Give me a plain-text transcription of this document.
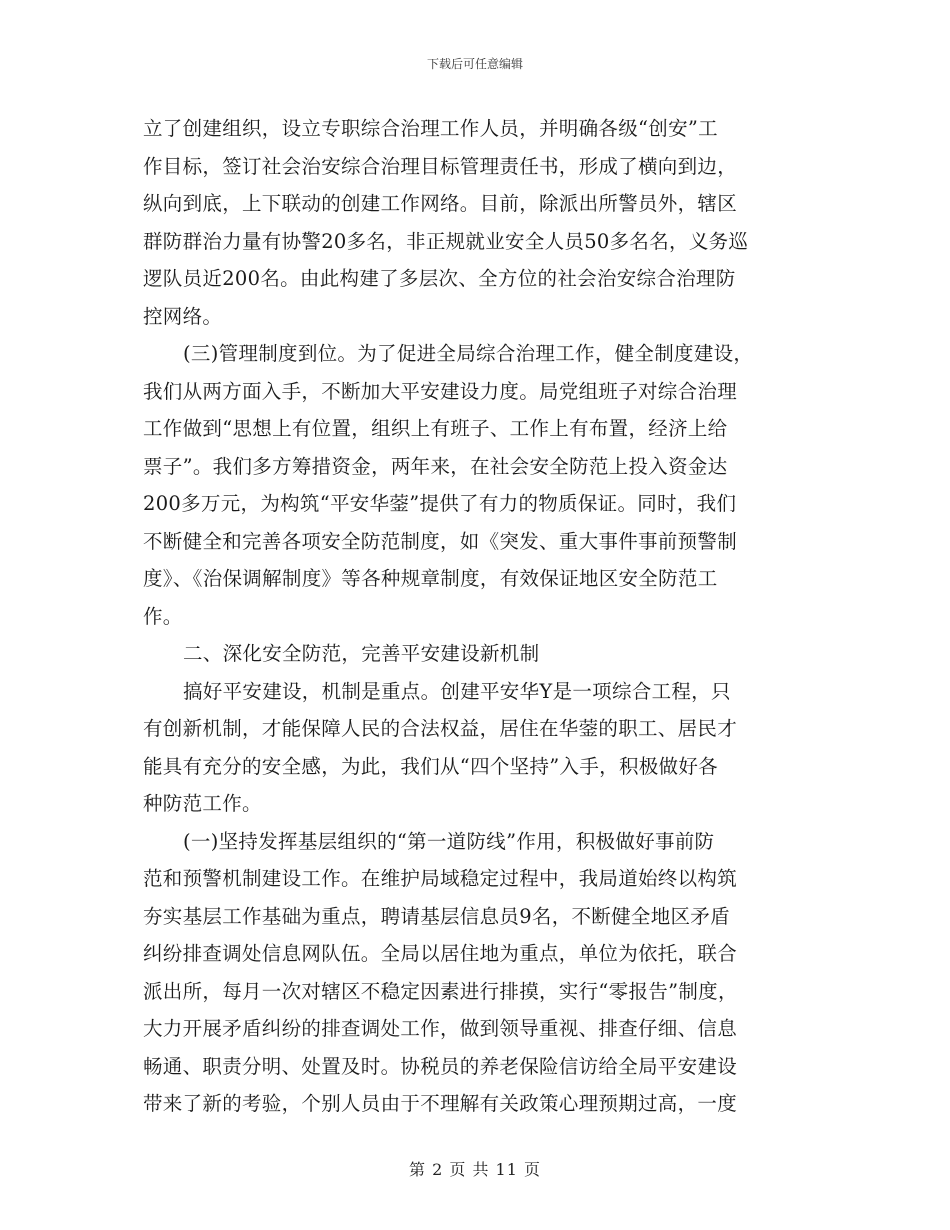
下载后可任意编辑
立了创建组织，设立专职综合治理工作人员，并明确各级“创安”工
作目标，签订社会治安综合治理目标管理责任书，形成了横向到边，
纵向到底，上下联动的创建工作网络。目前，除派出所警员外，辖区
群防群治力量有协警20多名，非正规就业安全人员50多名名，义务巡
逻队员近200名。由此构建了多层次、全方位的社会治安综合治理防
控网络。
(三)管理制度到位。为了促进全局综合治理工作，健全制度建设，
我们从两方面入手，不断加大平安建设力度。局党组班子对综合治理
工作做到“思想上有位置，组织上有班子、工作上有布置，经济上给
票子”。我们多方筹措资金，两年来，在社会安全防范上投入资金达
200多万元，为构筑“平安华蓥”提供了有力的物质保证。同时，我们
不断健全和完善各项安全防范制度，如《突发、重大事件事前预警制
度》、《治保调解制度》等各种规章制度，有效保证地区安全防范工
作。
二、深化安全防范，完善平安建设新机制
搞好平安建设，机制是重点。创建平安华Y是一项综合工程，只
有创新机制，才能保障人民的合法权益，居住在华蓥的职工、居民才
能具有充分的安全感，为此，我们从“四个坚持”入手，积极做好各
种防范工作。
(一)坚持发挥基层组织的“第一道防线”作用，积极做好事前防
范和预警机制建设工作。在维护局域稳定过程中，我局道始终以构筑
夯实基层工作基础为重点，聘请基层信息员9名，不断健全地区矛盾
纠纷排查调处信息网队伍。全局以居住地为重点，单位为依托，联合
派出所，每月一次对辖区不稳定因素进行排摸，实行“零报告”制度，
大力开展矛盾纠纷的排查调处工作，做到领导重视、排查仔细、信息
畅通、职责分明、处置及时。协税员的养老保险信访给全局平安建设
带来了新的考验，个别人员由于不理解有关政策心理预期过高，一度
第 2 页 共 11 页
